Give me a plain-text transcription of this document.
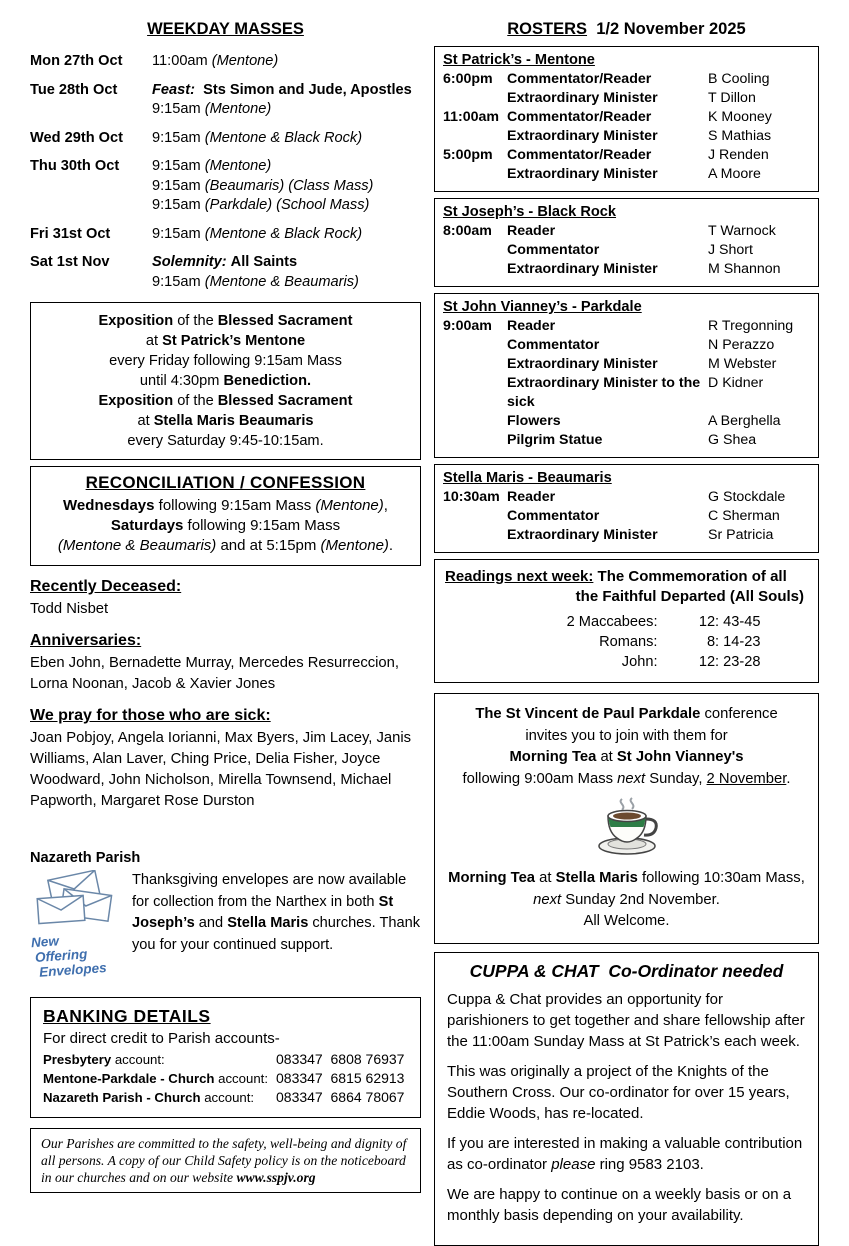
WEEKDAY MASSES
Mon 27th Oct	11:00am (Mentone)
Tue 28th Oct	Feast:  Sts Simon and Jude, Apostles
9:15am (Mentone)
Wed 29th Oct	9:15am (Mentone & Black Rock)
Thu 30th Oct	9:15am (Mentone)
9:15am (Beaumaris) (Class Mass)
9:15am (Parkdale) (School Mass)
Fri 31st Oct	9:15am (Mentone & Black Rock)
Sat 1st Nov	Solemnity: All Saints
9:15am (Mentone & Beaumaris)
Exposition of the Blessed Sacrament
at St Patrick’s Mentone
every Friday following 9:15am Mass
until 4:30pm Benediction.
Exposition of the Blessed Sacrament
at Stella Maris Beaumaris
every Saturday 9:45-10:15am.
RECONCILIATION / CONFESSION
Wednesdays following 9:15am Mass (Mentone),
Saturdays following 9:15am Mass
(Mentone & Beaumaris) and at 5:15pm (Mentone).
Recently Deceased:
Todd Nisbet
Anniversaries:
Eben John, Bernadette Murray, Mercedes Resurreccion, Lorna Noonan, Jacob & Xavier Jones
We pray for those who are sick:
Joan Pobjoy, Angela Iorianni, Max Byers, Jim Lacey, Janis Williams, Alan Laver, Ching Price, Delia Fisher, Joyce Woodward, John Nicholson, Mirella Townsend, Michael Papworth, Margaret Rose Durston
Nazareth Parish
New
Offering
Envelopes
Thanksgiving envelopes are now available for collection from the Narthex in both St Joseph’s and Stella Maris churches. Thank you for your continued support.
BANKING DETAILS
For direct credit to Parish accounts-
Presbytery account:	083347  6808 76937
Mentone-Parkdale - Church account: 083347  6815 62913
Nazareth Parish - Church account:	083347  6864 78067
Our Parishes are committed to the safety, well-being and dignity of all persons. A copy of our Child Safety policy is on the noticeboard in our churches and on our website www.sspjv.org
ROSTERS  1/2 November 2025
St Patrick’s - Mentone
6:00pm	Commentator/Reader	B Cooling
Extraordinary Minister	T Dillon
11:00am Commentator/Reader	K Mooney
Extraordinary Minister	S Mathias
5:00pm	Commentator/Reader	J Renden
Extraordinary Minister	A Moore
St Joseph’s - Black Rock
8:00am	Reader	T Warnock
Commentator	J Short
Extraordinary Minister	M Shannon
St John Vianney’s - Parkdale
9:00am	Reader	R Tregonning
Commentator	N Perazzo
Extraordinary Minister	M Webster
Extraordinary Minister to the sick
D Kidner
Flowers	A Berghella
Pilgrim Statue	G Shea
Stella Maris - Beaumaris
10:30am Reader	G Stockdale
Commentator	C Sherman
Extraordinary Minister	Sr Patricia
Readings next week: The Commemoration of all
the Faithful Departed (All Souls)
2 Maccabees:	12: 43-45
Romans:	8: 14-23
John:	12: 23-28
The St Vincent de Paul Parkdale conference
invites you to join with them for
Morning Tea at St John Vianney's
following 9:00am Mass next Sunday, 2 November.
Morning Tea at Stella Maris following 10:30am Mass,
next Sunday 2nd November.
All Welcome.
CUPPA & CHAT  Co-Ordinator needed

Cuppa & Chat provides an opportunity for parishioners to get together and share fellowship after the 11:00am Sunday Mass at St Patrick’s each week.

This was originally a project of the Knights of the Southern Cross. Our co-ordinator for over 15 years, Eddie Woods, has re-located.

If you are interested in making a valuable contribution as co-ordinator please ring 9583 2103.

We are happy to continue on a weekly basis or on a monthly basis depending on your availability.
